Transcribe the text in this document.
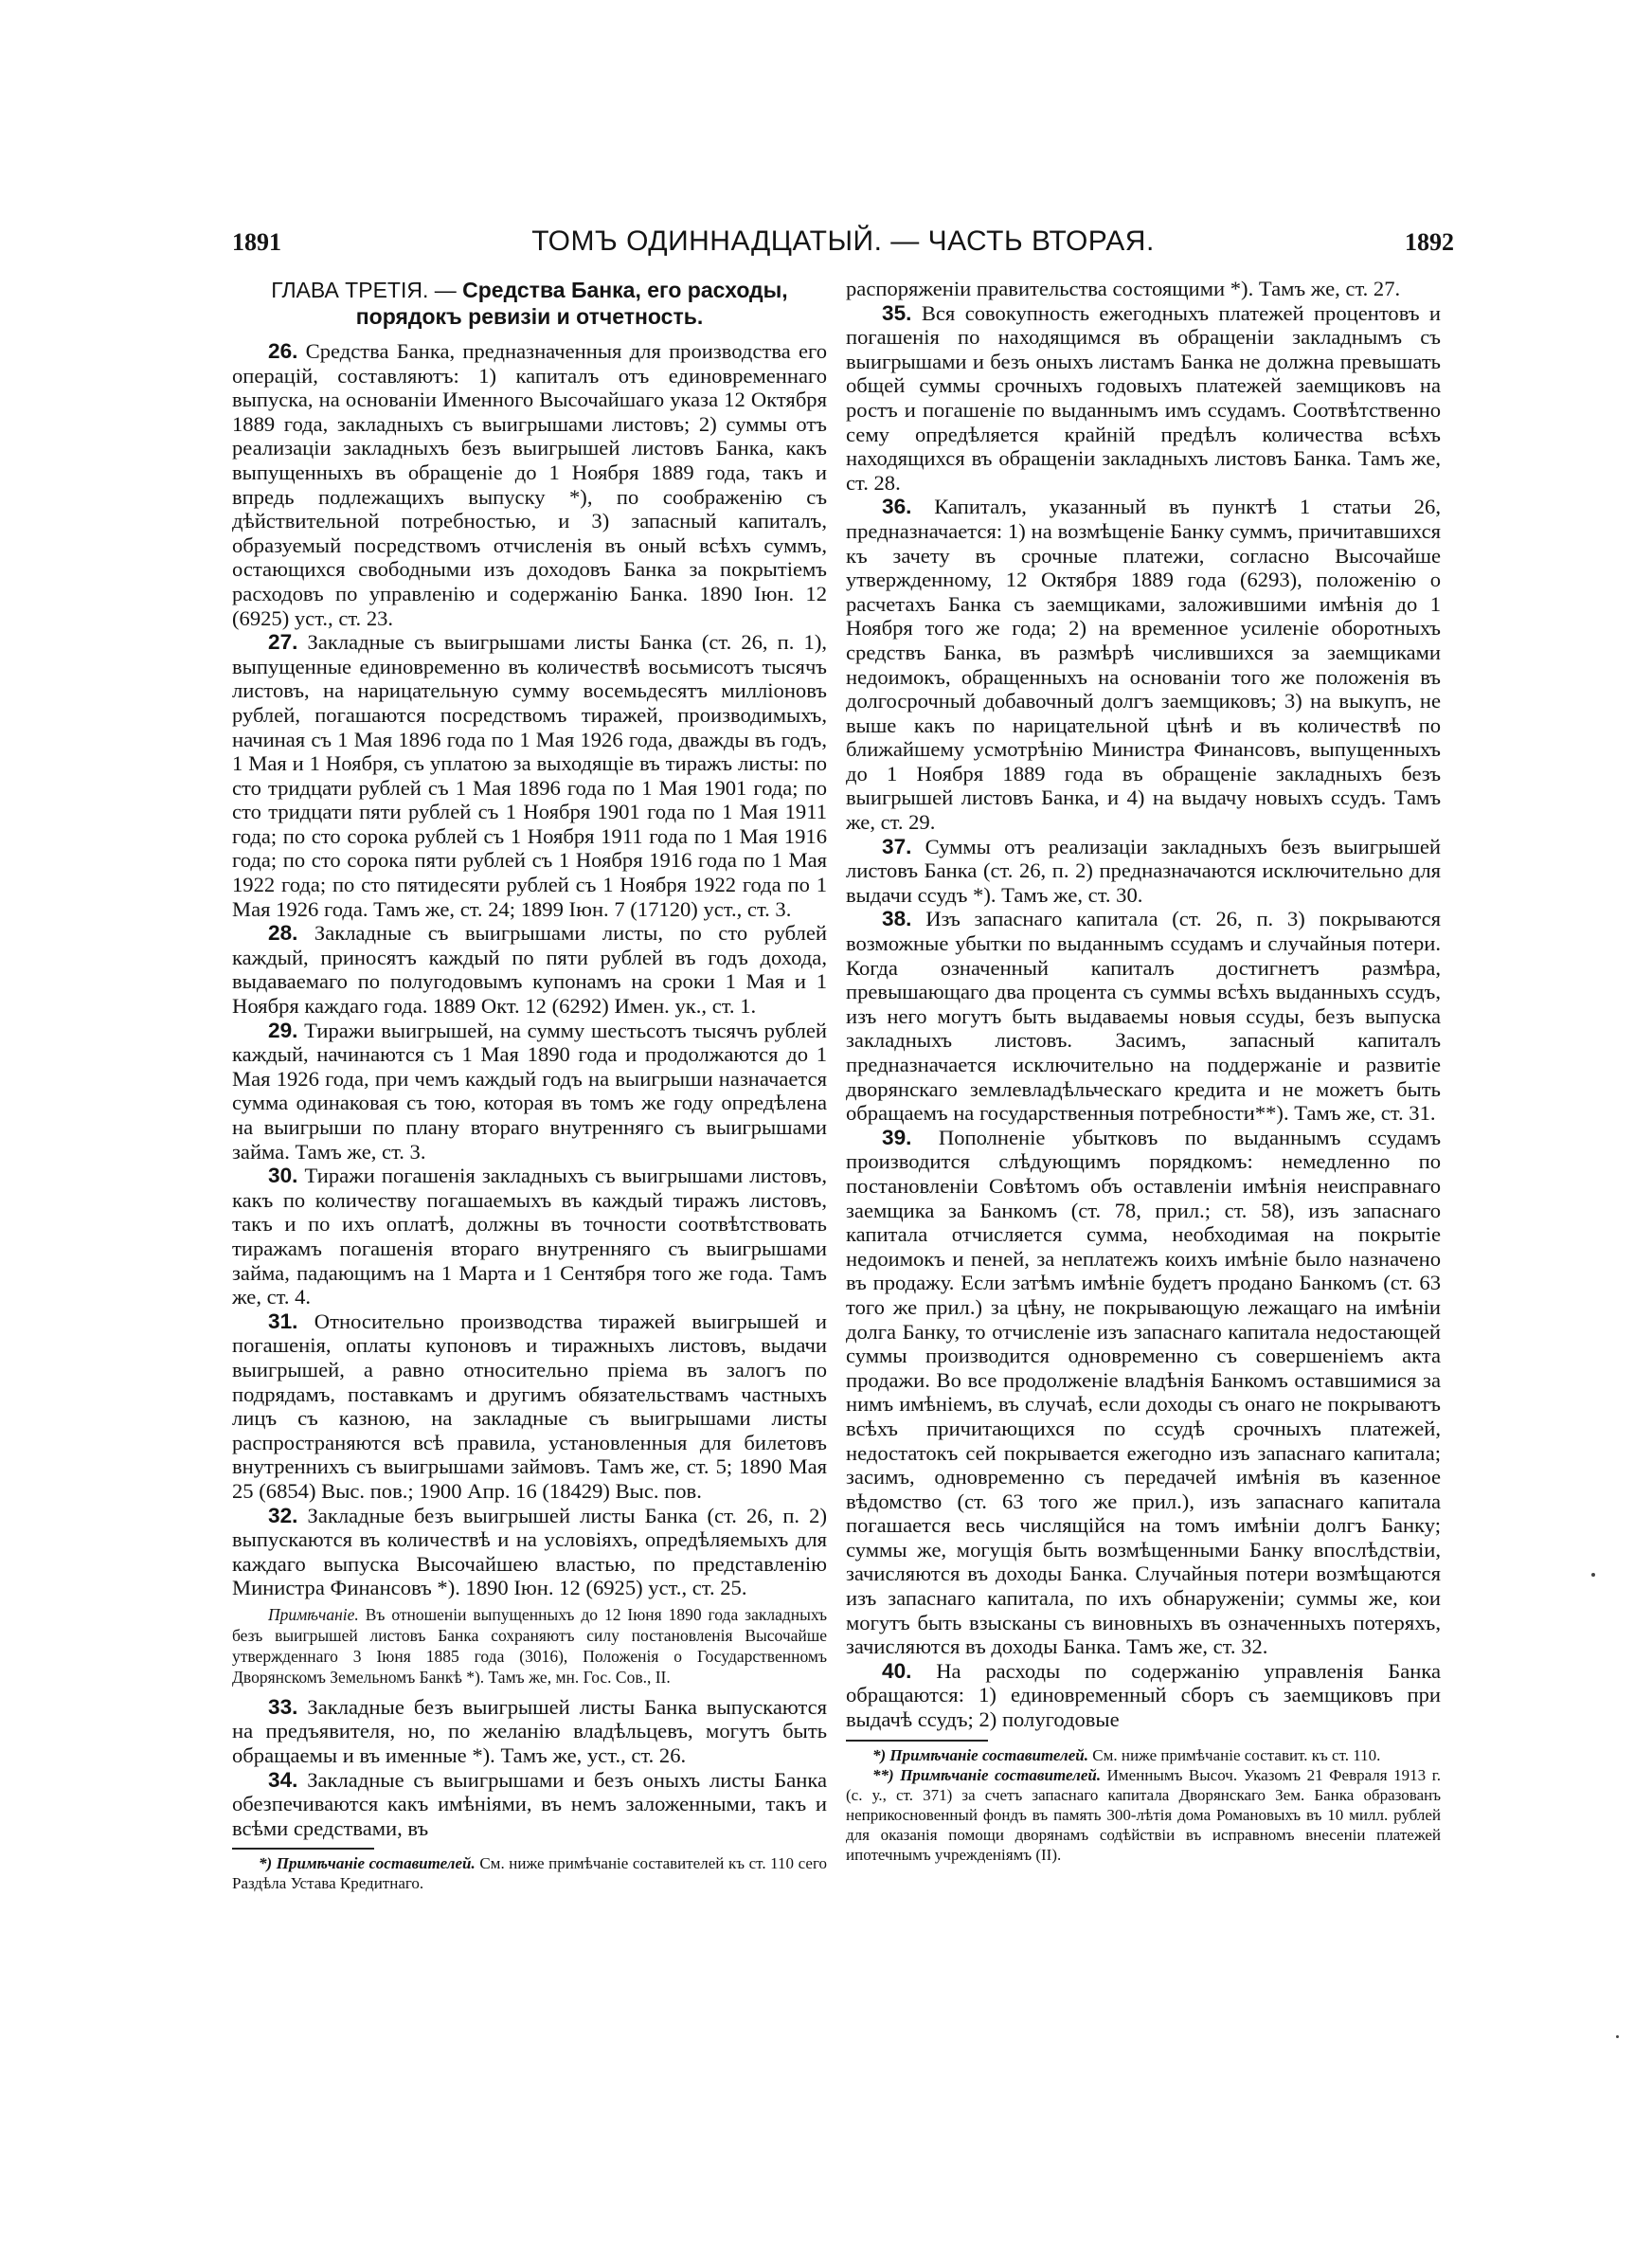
1891	ТОМЪ ОДИННАДЦАТЫЙ. — ЧАСТЬ ВТОРАЯ.	1892
ГЛАВА ТРЕТІЯ. — Средства Банка, его расходы, порядокъ ревизіи и отчетность.

26. Средства Банка, предназначенныя для производства его операцій, составляютъ: 1) капиталъ отъ единовременнаго выпуска, на основаніи Именного Высочайшаго указа 12 Октября 1889 года, закладныхъ съ выигрышами листовъ; 2) суммы отъ реализаціи закладныхъ безъ выигрышей листовъ Банка, какъ выпущенныхъ въ обращеніе до 1 Ноября 1889 года, такъ и впредь подлежащихъ выпуску *), по соображенію съ дѣйствительной потребностью, и 3) запасный капиталъ, образуемый посредствомъ отчисленія въ оный всѣхъ суммъ, остающихся свободными изъ доходовъ Банка за покрытіемъ расходовъ по управленію и содержанію Банка. 1890 Іюн. 12 (6925) уст., ст. 23.

27. Закладные съ выигрышами листы Банка (ст. 26, п. 1), выпущенные единовременно въ количествѣ восьмисотъ тысячъ листовъ, на нарицательную сумму восемьдесятъ милліоновъ рублей, погашаются посредствомъ тиражей, производимыхъ, начиная съ 1 Мая 1896 года по 1 Мая 1926 года, дважды въ годъ, 1 Мая и 1 Ноября, съ уплатою за выходящіе въ тиражъ листы: по сто тридцати рублей съ 1 Мая 1896 года по 1 Мая 1901 года; по сто тридцати пяти рублей съ 1 Ноября 1901 года по 1 Мая 1911 года; по сто сорока рублей съ 1 Ноября 1911 года по 1 Мая 1916 года; по сто сорока пяти рублей съ 1 Ноября 1916 года по 1 Мая 1922 года; по сто пятидесяти рублей съ 1 Ноября 1922 года по 1 Мая 1926 года. Тамъ же, ст. 24; 1899 Іюн. 7 (17120) уст., ст. 3.

28. Закладные съ выигрышами листы, по сто рублей каждый, приносятъ каждый по пяти рублей въ годъ дохода, выдаваемаго по полугодовымъ купонамъ на сроки 1 Мая и 1 Ноября каждаго года. 1889 Окт. 12 (6292) Имен. ук., ст. 1.

29. Тиражи выигрышей, на сумму шестьсотъ тысячъ рублей каждый, начинаются съ 1 Мая 1890 года и продолжаются до 1 Мая 1926 года, при чемъ каждый годъ на выигрыши назначается сумма одинаковая съ тою, которая въ томъ же году опредѣлена на выигрыши по плану втораго внутренняго съ выигрышами займа. Тамъ же, ст. 3.

30. Тиражи погашенія закладныхъ съ выигрышами листовъ, какъ по количеству погашаемыхъ въ каждый тиражъ листовъ, такъ и по ихъ оплатѣ, должны въ точности соотвѣтствовать тиражамъ погашенія втораго внутренняго съ выигрышами займа, падающимъ на 1 Марта и 1 Сентября того же года. Тамъ же, ст. 4.

31. Относительно производства тиражей выигрышей и погашенія, оплаты купоновъ и тиражныхъ листовъ, выдачи выигрышей, а равно относительно пріема въ залогъ по подрядамъ, поставкамъ и другимъ обязательствамъ частныхъ лицъ съ казною, на закладные съ выигрышами листы распространяются всѣ правила, установленныя для билетовъ внутреннихъ съ выигрышами займовъ. Тамъ же, ст. 5; 1890 Мая 25 (6854) Выс. пов.; 1900 Апр. 16 (18429) Выс. пов.

32. Закладные безъ выигрышей листы Банка (ст. 26, п. 2) выпускаются въ количествѣ и на условіяхъ, опредѣляемыхъ для каждаго выпуска Высочайшею властью, по представленію Министра Финансовъ *). 1890 Іюн. 12 (6925) уст., ст. 25.

Примѣчаніе. Въ отношеніи выпущенныхъ до 12 Іюня 1890 года закладныхъ безъ выигрышей листовъ Банка сохраняютъ силу постановленія Высочайше утвержденнаго 3 Іюня 1885 года (3016), Положенія о Государственномъ Дворянскомъ Земельномъ Банкѣ *). Тамъ же, мн. Гос. Сов., II.

33. Закладные безъ выигрышей листы Банка выпускаются на предъявителя, но, по желанію владѣльцевъ, могутъ быть обращаемы и въ именные *). Тамъ же, уст., ст. 26.

34. Закладные съ выигрышами и безъ оныхъ листы Банка обезпечиваются какъ имѣніями, въ немъ заложенными, такъ и всѣми средствами, въ

*) Примѣчаніе составителей. См. ниже примѣчаніе составителей къ ст. 110 сего Раздѣла Устава Кредитнаго.

распоряженіи правительства состоящими *). Тамъ же, ст. 27.

35. Вся совокупность ежегодныхъ платежей процентовъ и погашенія по находящимся въ обращеніи закладнымъ съ выигрышами и безъ оныхъ листамъ Банка не должна превышать общей суммы срочныхъ годовыхъ платежей заемщиковъ на ростъ и погашеніе по выданнымъ имъ ссудамъ. Соотвѣтственно сему опредѣляется крайній предѣлъ количества всѣхъ находящихся въ обращеніи закладныхъ листовъ Банка. Тамъ же, ст. 28.

36. Капиталъ, указанный въ пунктѣ 1 статьи 26, предназначается: 1) на возмѣщеніе Банку суммъ, причитавшихся къ зачету въ срочные платежи, согласно Высочайше утвержденному, 12 Октября 1889 года (6293), положенію о расчетахъ Банка съ заемщиками, заложившими имѣнія до 1 Ноября того же года; 2) на временное усиленіе оборотныхъ средствъ Банка, въ размѣрѣ числившихся за заемщиками недоимокъ, обращенныхъ на основаніи того же положенія въ долгосрочный добавочный долгъ заемщиковъ; 3) на выкупъ, не выше какъ по нарицательной цѣнѣ и въ количествѣ по ближайшему усмотрѣнію Министра Финансовъ, выпущенныхъ до 1 Ноября 1889 года въ обращеніе закладныхъ безъ выигрышей листовъ Банка, и 4) на выдачу новыхъ ссудъ. Тамъ же, ст. 29.

37. Суммы отъ реализаціи закладныхъ безъ выигрышей листовъ Банка (ст. 26, п. 2) предназначаются исключительно для выдачи ссудъ *). Тамъ же, ст. 30.

38. Изъ запаснаго капитала (ст. 26, п. 3) покрываются возможные убытки по выданнымъ ссудамъ и случайныя потери. Когда означенный капиталъ достигнетъ размѣра, превышающаго два процента съ суммы всѣхъ выданныхъ ссудъ, изъ него могутъ быть выдаваемы новыя ссуды, безъ выпуска закладныхъ листовъ. Засимъ, запасный капиталъ предназначается исключительно на поддержаніе и развитіе дворянскаго землевладѣльческаго кредита и не можетъ быть обращаемъ на государственныя потребности**). Тамъ же, ст. 31.

39. Пополненіе убытковъ по выданнымъ ссудамъ производится слѣдующимъ порядкомъ: немедленно по постановленіи Совѣтомъ объ оставленіи имѣнія неисправнаго заемщика за Банкомъ (ст. 78, прил.; ст. 58), изъ запаснаго капитала отчисляется сумма, необходимая на покрытіе недоимокъ и пеней, за неплатежъ коихъ имѣніе было назначено въ продажу. Если затѣмъ имѣніе будетъ продано Банкомъ (ст. 63 того же прил.) за цѣну, не покрывающую лежащаго на имѣніи долга Банку, то отчисленіе изъ запаснаго капитала недостающей суммы производится одновременно съ совершеніемъ акта продажи. Во все продолженіе владѣнія Банкомъ оставшимися за нимъ имѣніемъ, въ случаѣ, если доходы съ онаго не покрываютъ всѣхъ причитающихся по ссудѣ срочныхъ платежей, недостатокъ сей покрывается ежегодно изъ запаснаго капитала; засимъ, одновременно съ передачей имѣнія въ казенное вѣдомство (ст. 63 того же прил.), изъ запаснаго капитала погашается весь числящійся на томъ имѣніи долгъ Банку; суммы же, могущія быть возмѣщенными Банку впослѣдствіи, зачисляются въ доходы Банка. Случайныя потери возмѣщаются изъ запаснаго капитала, по ихъ обнаруженіи; суммы же, кои могутъ быть взысканы съ виновныхъ въ означенныхъ потеряхъ, зачисляются въ доходы Банка. Тамъ же, ст. 32.

40. На расходы по содержанію управленія Банка обращаются: 1) единовременный сборъ съ заемщиковъ при выдачѣ ссудъ; 2) полугодовые

*) Примѣчаніе составителей. См. ниже примѣчаніе составит. къ ст. 110.

**) Примѣчаніе составителей. Именнымъ Высоч. Указомъ 21 Февраля 1913 г. (с. у., ст. 371) за счетъ запаснаго капитала Дворянскаго Зем. Банка образованъ неприкосновенный фондъ въ память 300-лѣтія дома Романовыхъ въ 10 милл. рублей для оказанія помощи дворянамъ содѣйствіи въ исправномъ внесеніи платежей ипотечнымъ учрежденіямъ (II).
